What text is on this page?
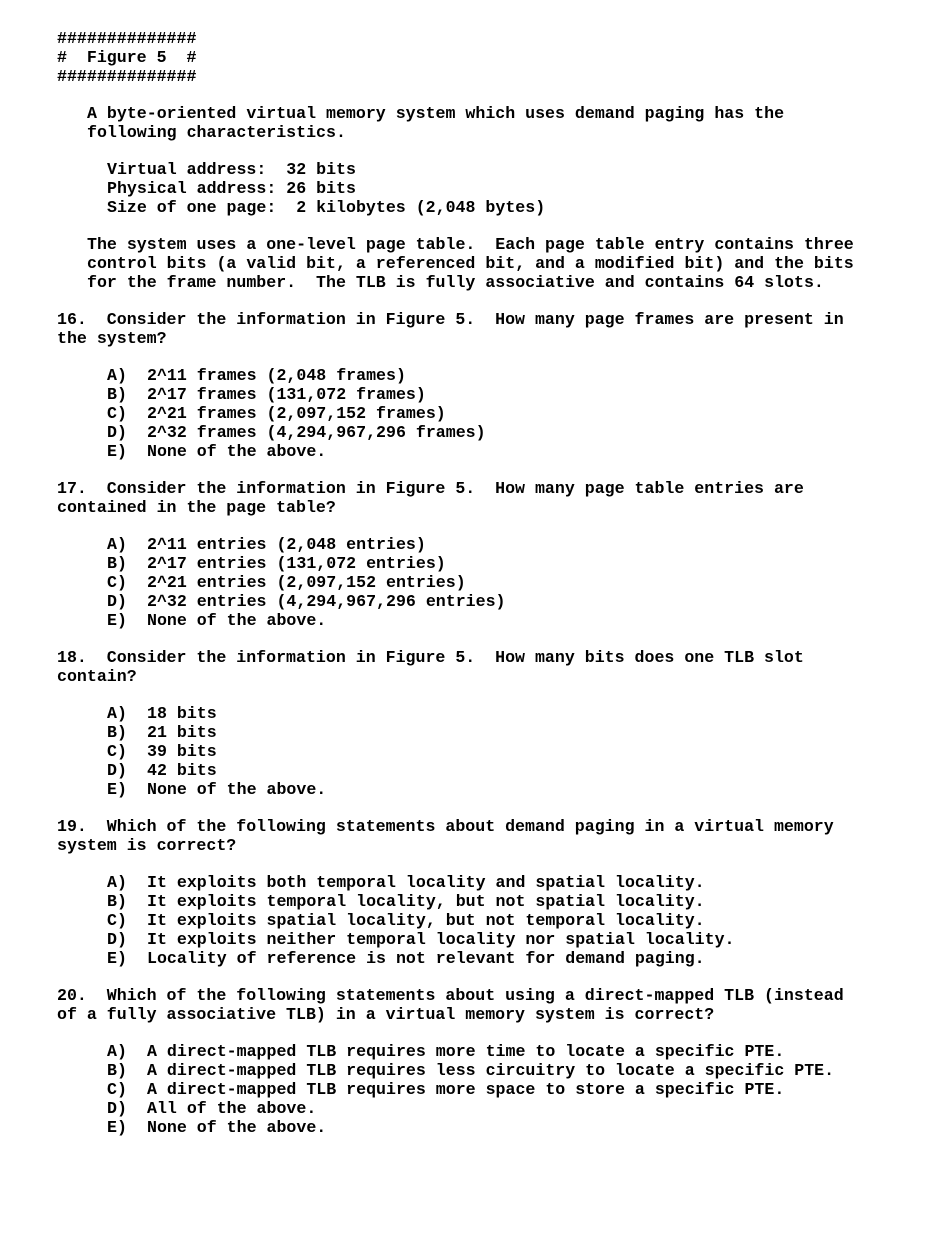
##############
#  Figure 5  #
##############
A byte-oriented virtual memory system which uses demand paging has the
following characteristics.
Virtual address:  32 bits
Physical address: 26 bits
Size of one page:  2 kilobytes (2,048 bytes)
The system uses a one-level page table.  Each page table entry contains three
control bits (a valid bit, a referenced bit, and a modified bit) and the bits
for the frame number.  The TLB is fully associative and contains 64 slots.
16.  Consider the information in Figure 5.  How many page frames are present in
the system?
A) 2^11 frames (2,048 frames)
B) 2^17 frames (131,072 frames)
C) 2^21 frames (2,097,152 frames)
D) 2^32 frames (4,294,967,296 frames)
E) None of the above.
17.  Consider the information in Figure 5.  How many page table entries are
contained in the page table?
A) 2^11 entries (2,048 entries)
B) 2^17 entries (131,072 entries)
C) 2^21 entries (2,097,152 entries)
D) 2^32 entries (4,294,967,296 entries)
E) None of the above.
18.  Consider the information in Figure 5.  How many bits does one TLB slot
contain?
A) 18 bits
B) 21 bits
C) 39 bits
D) 42 bits
E) None of the above.
19.  Which of the following statements about demand paging in a virtual memory
system is correct?
A) It exploits both temporal locality and spatial locality.
B) It exploits temporal locality, but not spatial locality.
C) It exploits spatial locality, but not temporal locality.
D) It exploits neither temporal locality nor spatial locality.
E) Locality of reference is not relevant for demand paging.
20.  Which of the following statements about using a direct-mapped TLB (instead
of a fully associative TLB) in a virtual memory system is correct?
A) A direct-mapped TLB requires more time to locate a specific PTE.
B) A direct-mapped TLB requires less circuitry to locate a specific PTE.
C) A direct-mapped TLB requires more space to store a specific PTE.
D) All of the above.
E) None of the above.
